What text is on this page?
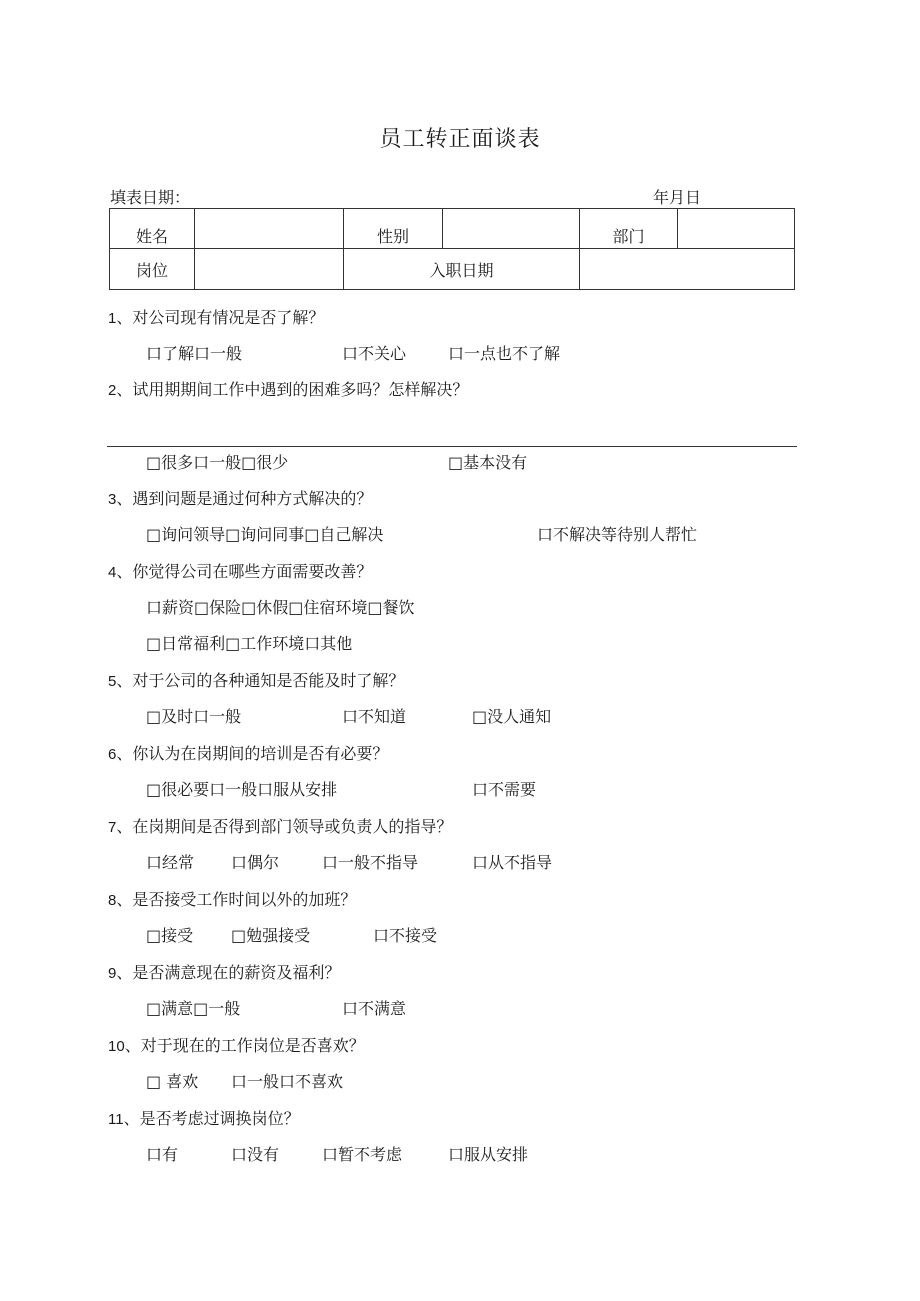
员工转正面谈表
填表日期：	年月日
姓名		性别		部门	
岗位		入职日期			
1、对公司现有情况是否了解？
口了解口一般	口不关心	口一点也不了解
2、试用期期间工作中遇到的困难多吗？怎样解决？
□很多口一般□很少	□基本没有
3、遇到问题是通过何种方式解决的？
□询问领导□询问同事□自己解决	口不解决等待别人帮忙
4、你觉得公司在哪些方面需要改善？
口薪资□保险□休假□住宿环境□餐饮
□日常福利□工作环境口其他
5、对于公司的各种通知是否能及时了解？
□及时口一般	口不知道	□没人通知
6、你认为在岗期间的培训是否有必要？
□很必要口一般口服从安排	口不需要
7、在岗期间是否得到部门领导或负责人的指导？
口经常 口偶尔	口一般不指导	口从不指导
8、是否接受工作时间以外的加班？
□接受 □勉强接受	口不接受
9、是否满意现在的薪资及福利？
□满意□一般	口不满意
10、对于现在的工作岗位是否喜欢？
□ 喜欢 口一般口不喜欢
11、是否考虑过调换岗位？
口有	口没有	口暂不考虑	口服从安排
